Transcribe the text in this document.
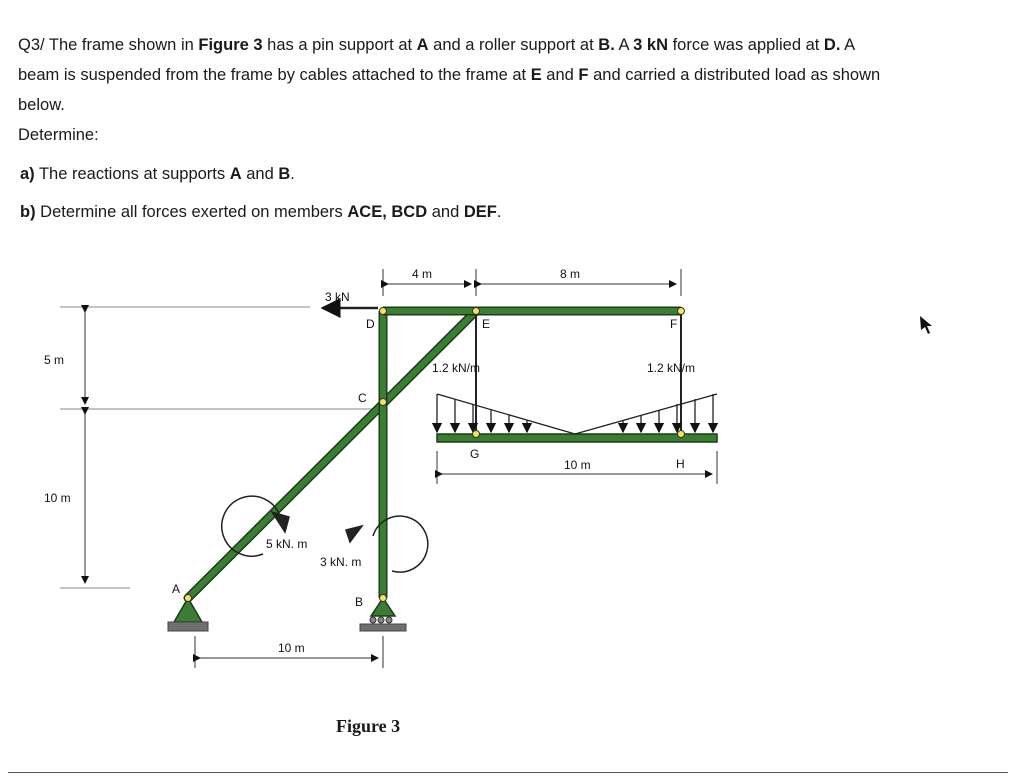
Q3/ The frame shown in Figure 3 has a pin support at A and a roller support at B. A 3 kN force was applied at D. A
beam is suspended from the frame by cables attached to the frame at E and F and carried a distributed load as shown
below.
Determine:
a) The reactions at supports A and B.
b) Determine all forces exerted on members ACE, BCD and DEF.
5 m
10 m
4 m	8 m
1.2 kN/m	1.2 kN/m
10 m
3 kN
5 kN. m
3 kN. m
A
B
C
D	E	F
G
H
10 m
Figure 3
